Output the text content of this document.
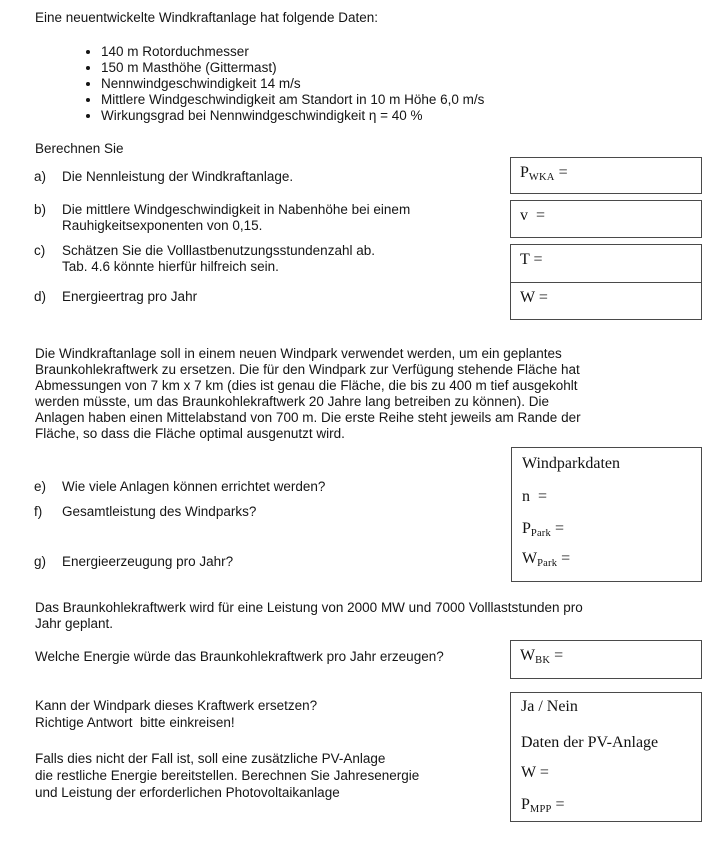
Eine neuentwickelte Windkraftanlage hat folgende Daten:
• 140 m Rotorduchmesser
• 150 m Masthöhe (Gittermast)
• Nennwindgeschwindigkeit 14 m/s
• Mittlere Windgeschwindigkeit am Standort in 10 m Höhe 6,0 m/s
• Wirkungsgrad bei Nennwindgeschwindigkeit η = 40 %
Berechnen Sie
a) Die Nennleistung der Windkraftanlage.
b) Die mittlere Windgeschwindigkeit in Nabenhöhe bei einem
Rauhigkeitsexponenten von 0,15.
c) Schätzen Sie die Volllastbenutzungsstundenzahl ab.
Tab. 4.6 könnte hierfür hilfreich sein.
d) Energieertrag pro Jahr
PWKA =
v  =
T =
W =
Die Windkraftanlage soll in einem neuen Windpark verwendet werden, um ein geplantes
Braunkohlekraftwerk zu ersetzen. Die für den Windpark zur Verfügung stehende Fläche hat
Abmessungen von 7 km x 7 km (dies ist genau die Fläche, die bis zu 400 m tief ausgekohlt
werden müsste, um das Braunkohlekraftwerk 20 Jahre lang betreiben zu können). Die
Anlagen haben einen Mittelabstand von 700 m. Die erste Reihe steht jeweils am Rande der
Fläche, so dass die Fläche optimal ausgenutzt wird.
e) Wie viele Anlagen können errichtet werden?
f) Gesamtleistung des Windparks?
g) Energieerzeugung pro Jahr?
Windparkdaten
n  =
PPark =
WPark =
Das Braunkohlekraftwerk wird für eine Leistung von 2000 MW und 7000 Volllaststunden pro
Jahr geplant.
Welche Energie würde das Braunkohlekraftwerk pro Jahr erzeugen?	WBK =
Kann der Windpark dieses Kraftwerk ersetzen?
Richtige Antwort  bitte einkreisen!
Falls dies nicht der Fall ist, soll eine zusätzliche PV-Anlage
die restliche Energie bereitstellen. Berechnen Sie Jahresenergie
und Leistung der erforderlichen Photovoltaikanlage
Ja / Nein
Daten der PV-Anlage
W =
PMPP =
